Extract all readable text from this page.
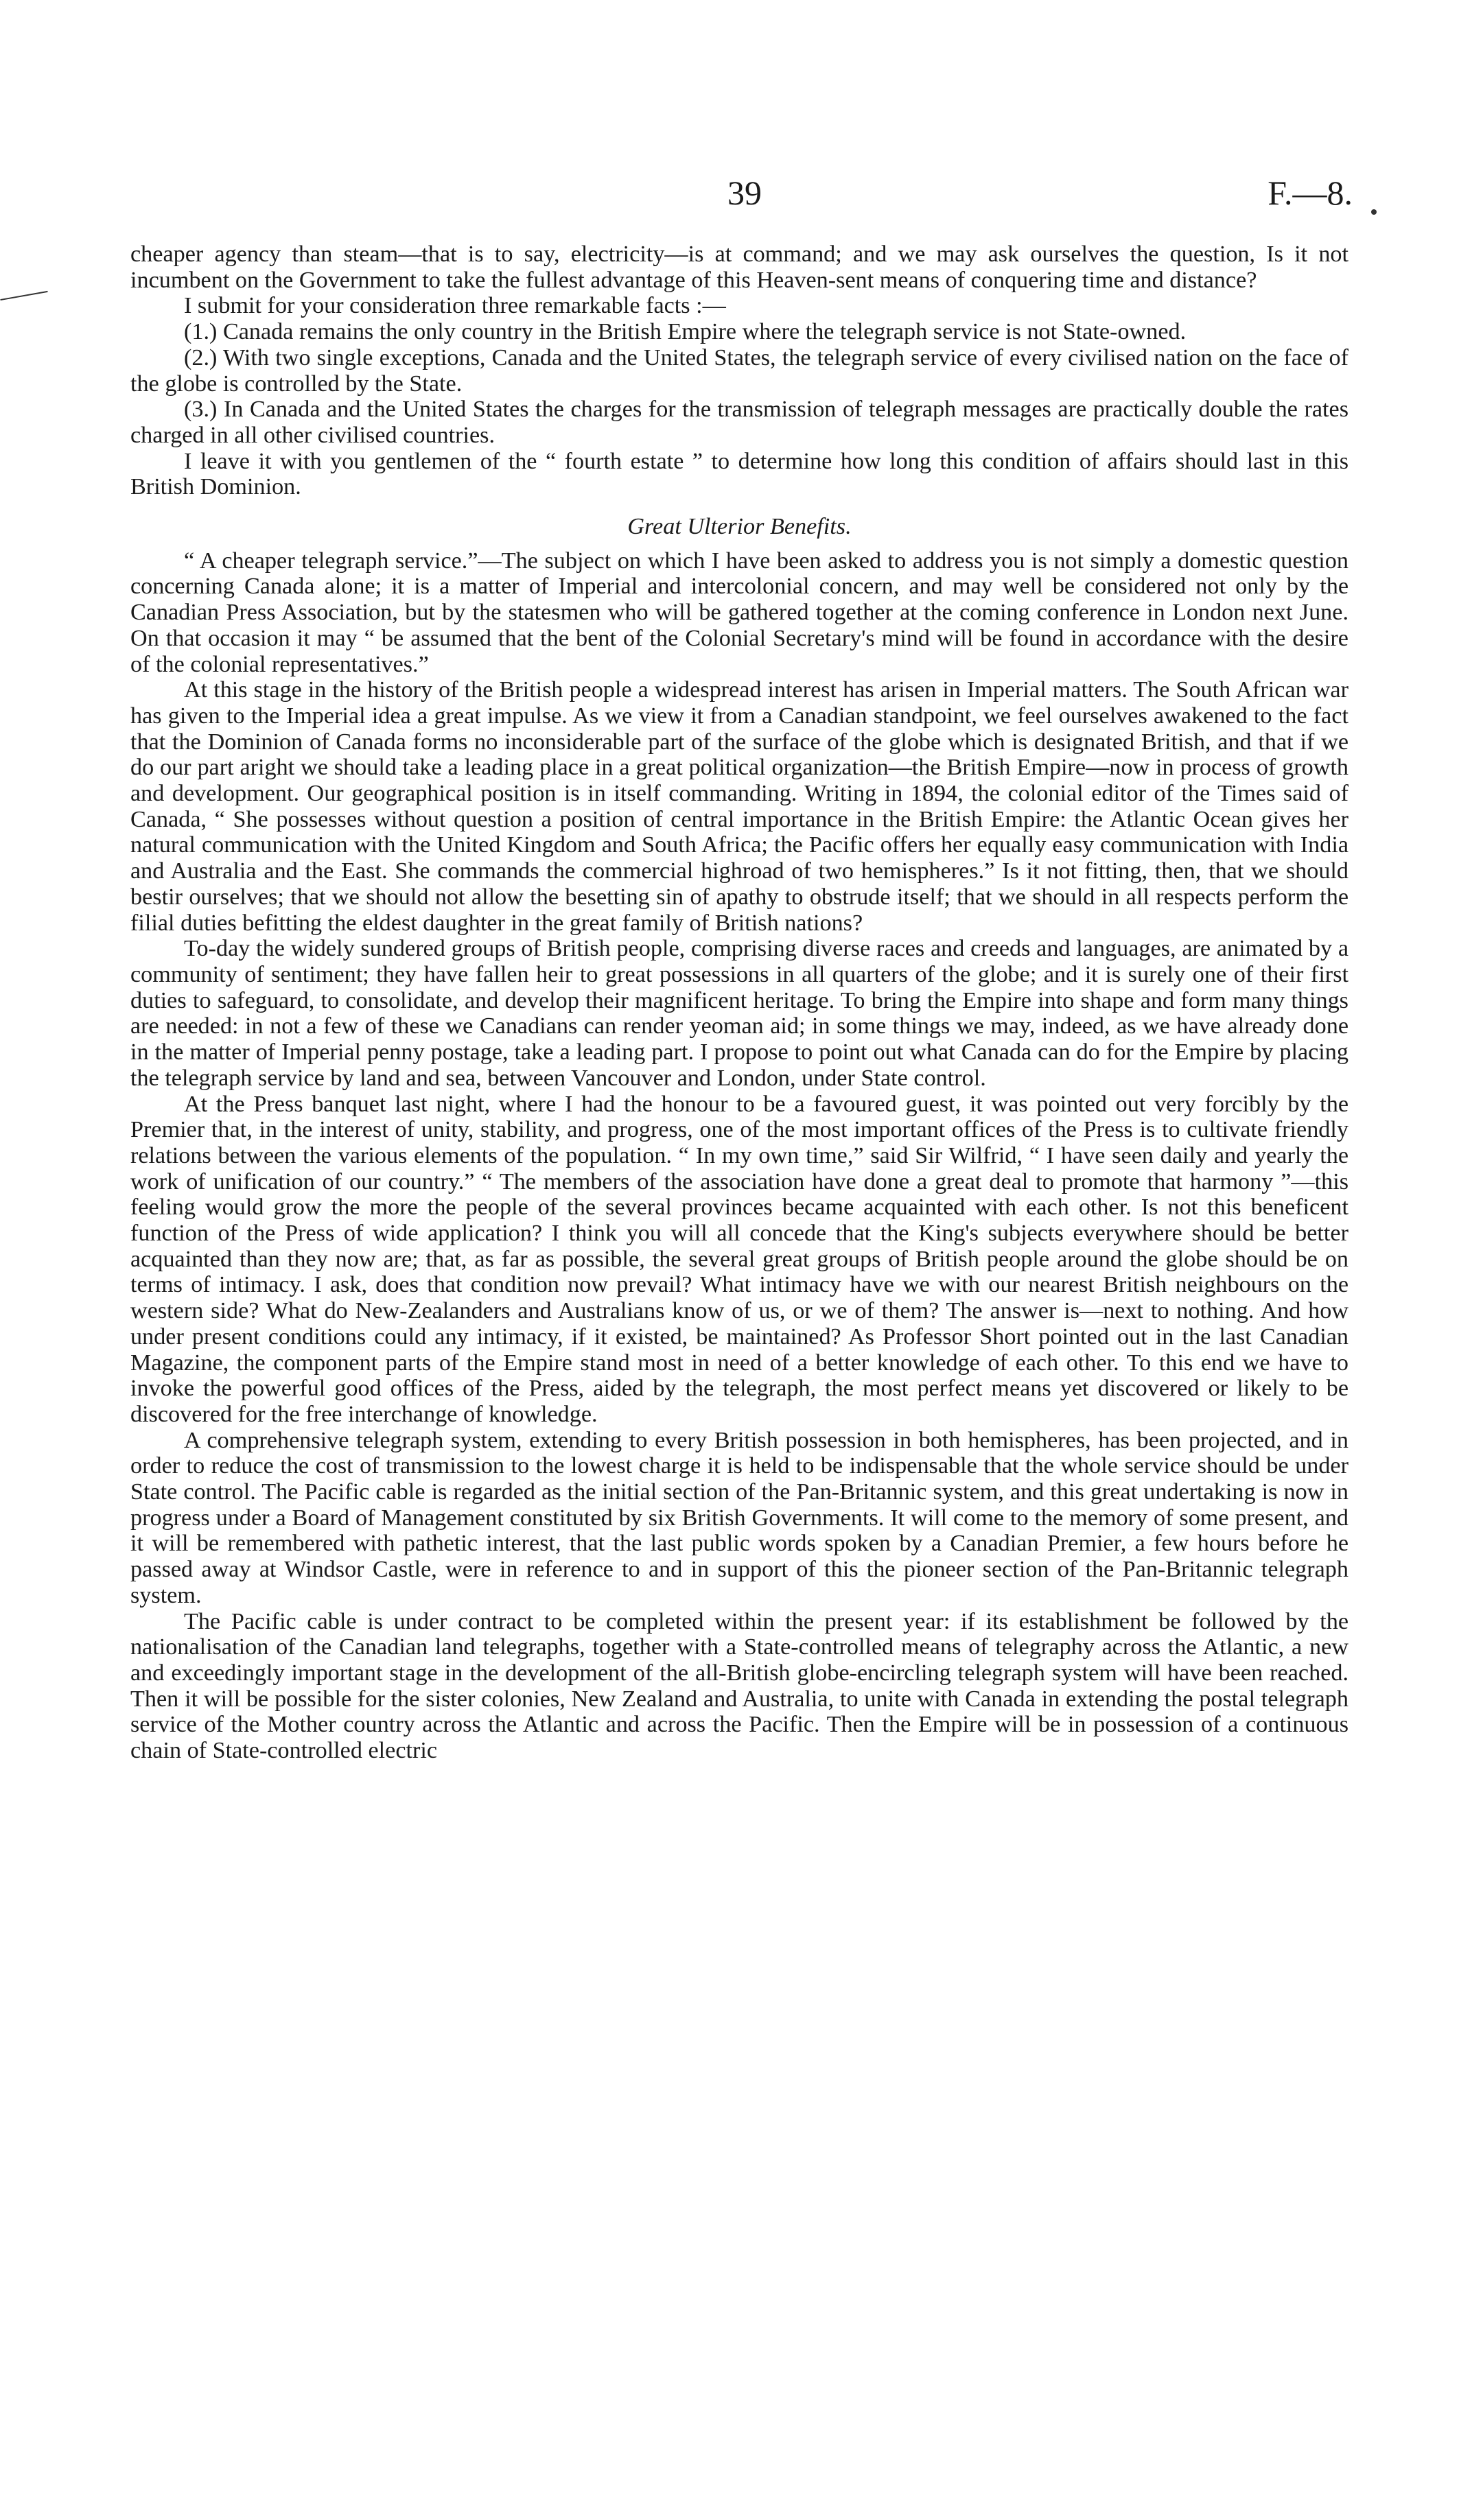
39	F.—8.

cheaper agency than steam—that is to say, electricity—is at command; and we may ask ourselves the question, Is it not incumbent on the Government to take the fullest advantage of this Heaven-sent means of conquering time and distance?

I submit for your consideration three remarkable facts :—

(1.) Canada remains the only country in the British Empire where the telegraph service is not State-owned.

(2.) With two single exceptions, Canada and the United States, the telegraph service of every civilised nation on the face of the globe is controlled by the State.

(3.) In Canada and the United States the charges for the transmission of telegraph messages are practically double the rates charged in all other civilised countries.

I leave it with you gentlemen of the “ fourth estate ” to determine how long this condition of affairs should last in this British Dominion.

Great Ulterior Benefits.

“ A cheaper telegraph service.”—The subject on which I have been asked to address you is not simply a domestic question concerning Canada alone; it is a matter of Imperial and intercolonial concern, and may well be considered not only by the Canadian Press Association, but by the statesmen who will be gathered together at the coming conference in London next June. On that occasion it may “ be assumed that the bent of the Colonial Secretary's mind will be found in accordance with the desire of the colonial representatives.”

At this stage in the history of the British people a widespread interest has arisen in Imperial matters. The South African war has given to the Imperial idea a great impulse. As we view it from a Canadian standpoint, we feel ourselves awakened to the fact that the Dominion of Canada forms no inconsiderable part of the surface of the globe which is designated British, and that if we do our part aright we should take a leading place in a great political organization—the British Empire—now in process of growth and development. Our geographical position is in itself commanding. Writing in 1894, the colonial editor of the Times said of Canada, “ She possesses without question a position of central importance in the British Empire: the Atlantic Ocean gives her natural communication with the United Kingdom and South Africa; the Pacific offers her equally easy communication with India and Australia and the East. She commands the commercial highroad of two hemispheres.” Is it not fitting, then, that we should bestir ourselves; that we should not allow the besetting sin of apathy to obstrude itself; that we should in all respects perform the filial duties befitting the eldest daughter in the great family of British nations?

To-day the widely sundered groups of British people, comprising diverse races and creeds and languages, are animated by a community of sentiment; they have fallen heir to great possessions in all quarters of the globe; and it is surely one of their first duties to safeguard, to consolidate, and develop their magnificent heritage. To bring the Empire into shape and form many things are needed: in not a few of these we Canadians can render yeoman aid; in some things we may, indeed, as we have already done in the matter of Imperial penny postage, take a leading part. I propose to point out what Canada can do for the Empire by placing the telegraph service by land and sea, between Vancouver and London, under State control.

At the Press banquet last night, where I had the honour to be a favoured guest, it was pointed out very forcibly by the Premier that, in the interest of unity, stability, and progress, one of the most important offices of the Press is to cultivate friendly relations between the various elements of the population. “ In my own time,” said Sir Wilfrid, “ I have seen daily and yearly the work of unification of our country.” “ The members of the association have done a great deal to promote that harmony ”—this feeling would grow the more the people of the several provinces became acquainted with each other. Is not this beneficent function of the Press of wide application? I think you will all concede that the King's subjects everywhere should be better acquainted than they now are; that, as far as possible, the several great groups of British people around the globe should be on terms of intimacy. I ask, does that condition now prevail? What intimacy have we with our nearest British neighbours on the western side? What do New-Zealanders and Australians know of us, or we of them? The answer is—next to nothing. And how under present conditions could any intimacy, if it existed, be maintained? As Professor Short pointed out in the last Canadian Magazine, the component parts of the Empire stand most in need of a better knowledge of each other. To this end we have to invoke the powerful good offices of the Press, aided by the telegraph, the most perfect means yet discovered or likely to be discovered for the free interchange of knowledge.

A comprehensive telegraph system, extending to every British possession in both hemispheres, has been projected, and in order to reduce the cost of transmission to the lowest charge it is held to be indispensable that the whole service should be under State control. The Pacific cable is regarded as the initial section of the Pan-Britannic system, and this great undertaking is now in progress under a Board of Management constituted by six British Governments. It will come to the memory of some present, and it will be remembered with pathetic interest, that the last public words spoken by a Canadian Premier, a few hours before he passed away at Windsor Castle, were in reference to and in support of this the pioneer section of the Pan-Britannic telegraph system.

The Pacific cable is under contract to be completed within the present year: if its establishment be followed by the nationalisation of the Canadian land telegraphs, together with a State-controlled means of telegraphy across the Atlantic, a new and exceedingly important stage in the development of the all-British globe-encircling telegraph system will have been reached. Then it will be possible for the sister colonies, New Zealand and Australia, to unite with Canada in extending the postal telegraph service of the Mother country across the Atlantic and across the Pacific. Then the Empire will be in possession of a continuous chain of State-controlled electric
